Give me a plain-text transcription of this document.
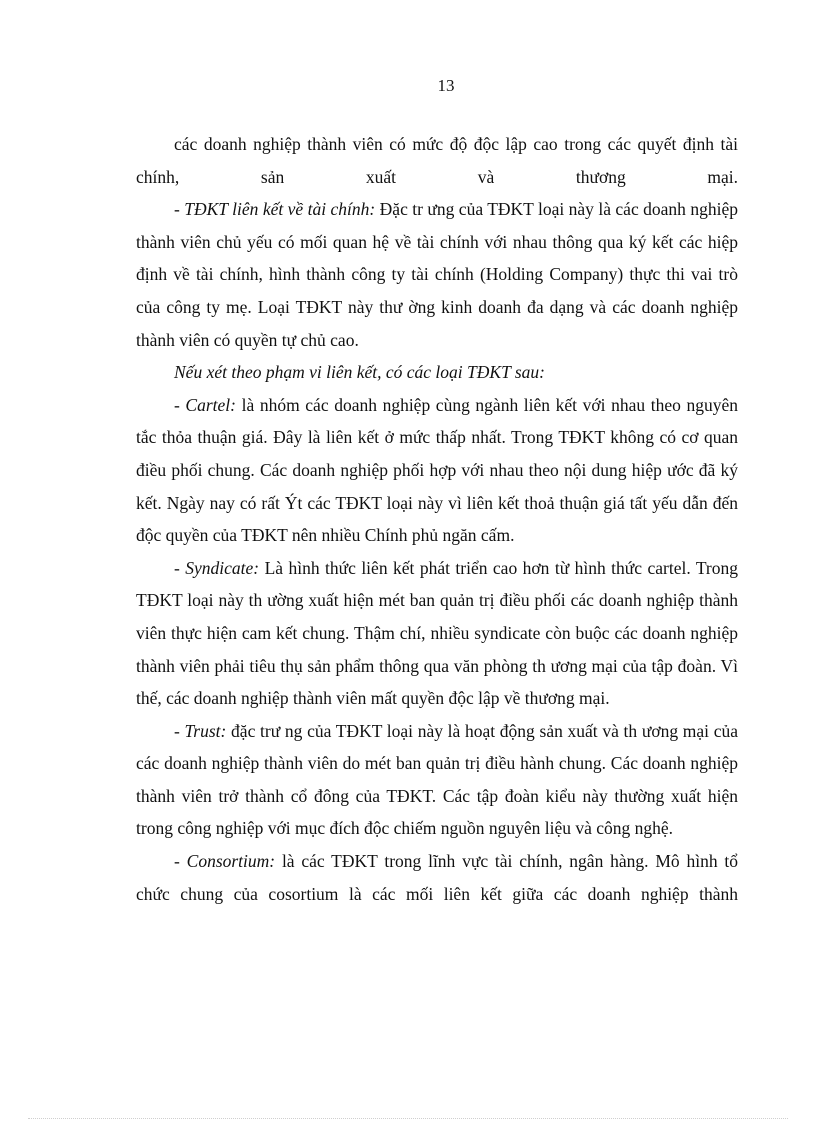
13

các doanh nghiệp thành viên có mức độ độc lập cao trong các quyết định tài chính, sản xuất và thương mại.

- TĐKT liên kết về tài chính: Đặc tr ưng của TĐKT loại này là các doanh nghiệp thành viên chủ yếu có mối quan hệ về tài chính với nhau thông qua ký kết các hiệp định về tài chính, hình thành công ty tài chính (Holding Company) thực thi vai trò của công ty mẹ. Loại TĐKT này thư ờng kinh doanh đa dạng và các doanh nghiệp thành viên có quyền tự chủ cao.

Nếu xét theo phạm vi liên kết, có các loại TĐKT sau:

- Cartel: là nhóm các doanh nghiệp cùng ngành liên kết với nhau theo nguyên tắc thỏa thuận giá. Đây là liên kết ở mức thấp nhất. Trong TĐKT không có cơ quan điều phối chung. Các doanh nghiệp phối hợp với nhau theo nội dung hiệp ước đã ký kết. Ngày nay có rất Ýt các TĐKT loại này vì liên kết thoả thuận giá tất yếu dẫn đến độc quyền của TĐKT nên nhiều Chính phủ ngăn cấm.

- Syndicate: Là hình thức liên kết phát triển cao hơn từ hình thức cartel. Trong TĐKT loại này th ường xuất hiện mét ban quản trị điều phối các doanh nghiệp thành viên thực hiện cam kết chung. Thậm chí, nhiều syndicate còn buộc các doanh nghiệp thành viên phải tiêu thụ sản phẩm thông qua văn phòng th ương mại của tập đoàn. Vì thế, các doanh nghiệp thành viên mất quyền độc lập về thương mại.

- Trust: đặc trư ng của TĐKT loại này là hoạt động sản xuất và th ương mại của các doanh nghiệp thành viên do mét ban quản trị điều hành chung. Các doanh nghiệp thành viên trở thành cổ đông của TĐKT. Các tập đoàn kiểu này thường xuất hiện trong công nghiệp với mục đích độc chiếm nguồn nguyên liệu và công nghệ.

- Consortium: là các TĐKT trong lĩnh vực tài chính, ngân hàng. Mô hình tổ chức chung của cosortium là các mối liên kết giữa các doanh nghiệp thành
